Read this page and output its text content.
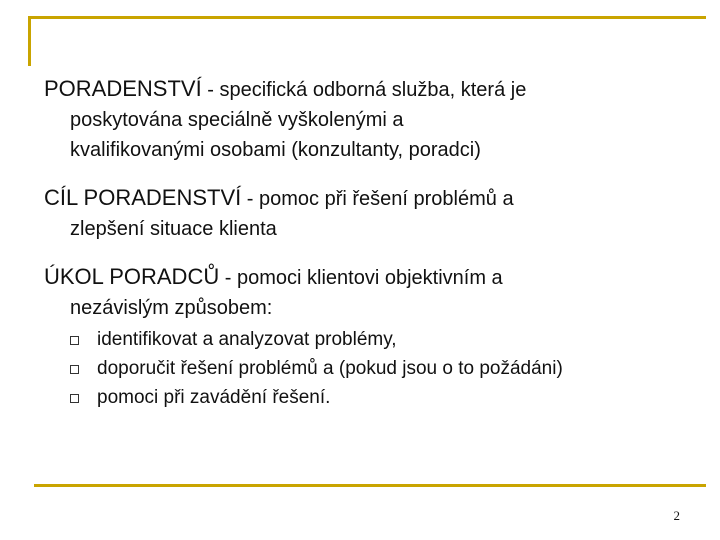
PORADENSTVÍ - specifická odborná služba, která je
poskytována speciálně vyškolenými a
kvalifikovanými osobami (konzultanty, poradci)

CÍL PORADENSTVÍ - pomoc při řešení problémů a
zlepšení situace klienta

ÚKOL PORADCŮ - pomoci klientovi objektivním a
nezávislým způsobem:

identifikovat a analyzovat problémy,
doporučit řešení problémů a (pokud jsou o to požádáni)
pomoci při zavádění řešení.
2
